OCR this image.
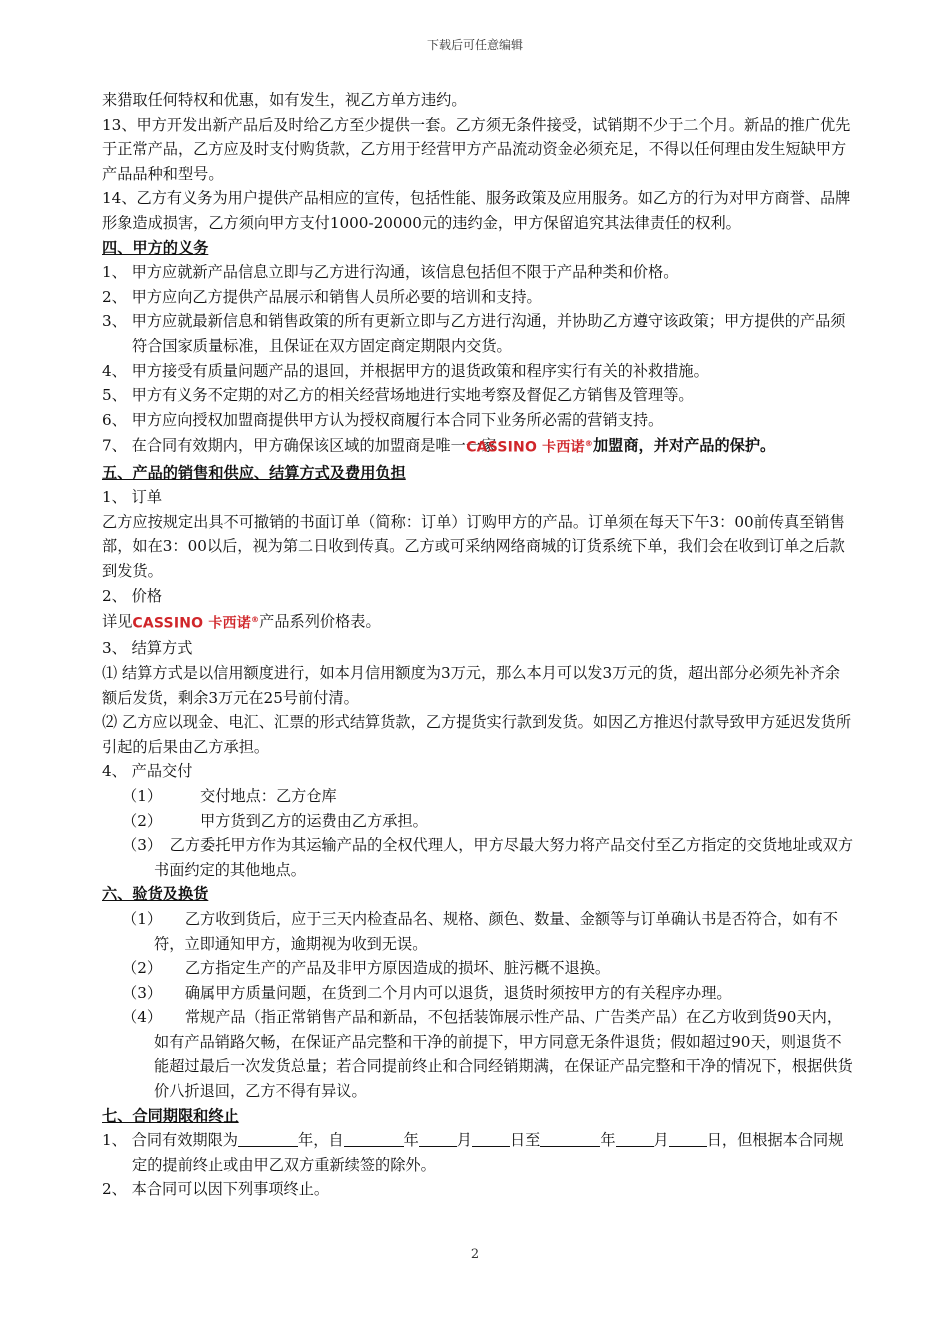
下载后可任意编辑

来猎取任何特权和优惠，如有发生，视乙方单方违约。

13、甲方开发出新产品后及时给乙方至少提供一套。乙方须无条件接受，试销期不少于二个月。新品的推广优先于正常产品，乙方应及时支付购货款，乙方用于经营甲方产品流动资金必须充足，不得以任何理由发生短缺甲方产品品种和型号。

14、乙方有义务为用户提供产品相应的宣传，包括性能、服务政策及应用服务。如乙方的行为对甲方商誉、品牌形象造成损害，乙方须向甲方支付1000-20000元的违约金，甲方保留追究其法律责任的权利。

四、甲方的义务

1、 甲方应就新产品信息立即与乙方进行沟通，该信息包括但不限于产品种类和价格。

2、 甲方应向乙方提供产品展示和销售人员所必要的培训和支持。

3、 甲方应就最新信息和销售政策的所有更新立即与乙方进行沟通，并协助乙方遵守该政策；甲方提供的产品须符合国家质量标准，且保证在双方固定商定期限内交货。

4、 甲方接受有质量问题产品的退回，并根据甲方的退货政策和程序实行有关的补救措施。

5、 甲方有义务不定期的对乙方的相关经营场地进行实地考察及督促乙方销售及管理等。

6、 甲方应向授权加盟商提供甲方认为授权商履行本合同下业务所必需的营销支持。

7、 在合同有效期内，甲方确保该区域的加盟商是唯一一家CASSINO 卡西诺®加盟商，并对产品的保护。

五、产品的销售和供应、结算方式及费用负担

1、 订单

乙方应按规定出具不可撤销的书面订单（简称：订单）订购甲方的产品。订单须在每天下午3：00前传真至销售部，如在3：00以后，视为第二日收到传真。乙方或可采纳网络商城的订货系统下单，我们会在收到订单之后款到发货。

2、 价格

详见CASSINO 卡西诺®产品系列价格表。

3、 结算方式

⑴ 结算方式是以信用额度进行，如本月信用额度为3万元，那么本月可以发3万元的货，超出部分必须先补齐余额后发货，剩余3万元在25号前付清。

⑵ 乙方应以现金、电汇、汇票的形式结算货款，乙方提货实行款到发货。如因乙方推迟付款导致甲方延迟发货所引起的后果由乙方承担。

4、 产品交付

（1）　　　交付地点：乙方仓库

（2）　　　甲方货到乙方的运费由乙方承担。

（3）　乙方委托甲方作为其运输产品的全权代理人，甲方尽最大努力将产品交付至乙方指定的交货地址或双方书面约定的其他地点。

六、验货及换货

（1）　　乙方收到货后，应于三天内检查品名、规格、颜色、数量、金额等与订单确认书是否符合，如有不符，立即通知甲方，逾期视为收到无误。

（2）　　乙方指定生产的产品及非甲方原因造成的损坏、脏污概不退换。

（3）　　确属甲方质量问题，在货到二个月内可以退货，退货时须按甲方的有关程序办理。

（4）　　常规产品（指正常销售产品和新品，不包括装饰展示性产品、广告类产品）在乙方收到货90天内，如有产品销路欠畅，在保证产品完整和干净的前提下，甲方同意无条件退货；假如超过90天，则退货不能超过最后一次发货总量；若合同提前终止和合同经销期满，在保证产品完整和干净的情况下，根据供货价八折退回，乙方不得有异议。

七、合同期限和终止

1、 合同有效期限为	年，自	年	月	日至	年	月	日，但根据本合同规定的提前终止或由甲乙双方重新续签的除外。

2、 本合同可以因下列事项终止。

2
